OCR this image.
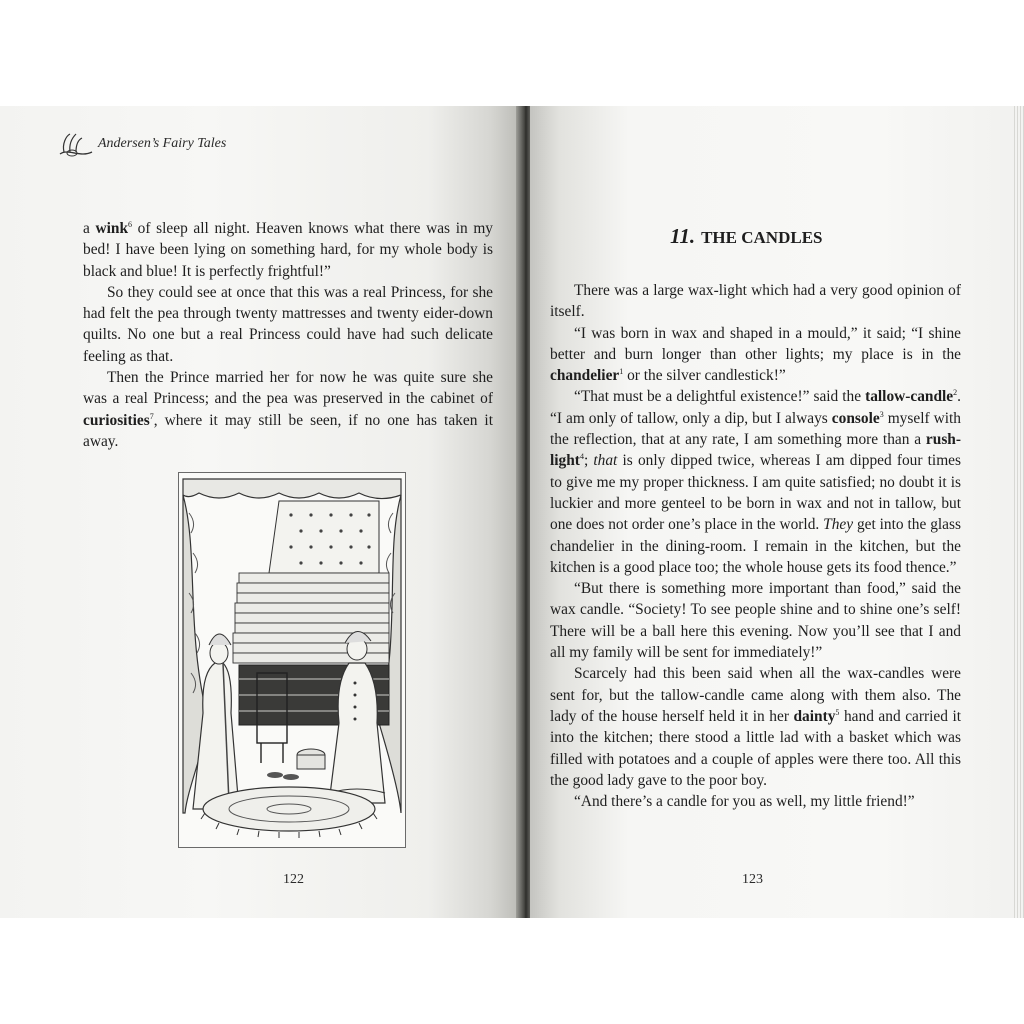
Andersen’s Fairy Tales

a wink$^6$ of sleep all night. Heaven knows what there was in my bed! I have been lying on something hard, for my whole body is black and blue! It is perfectly frightful!”

So they could see at once that this was a real Princess, for she had felt the pea through twenty mattresses and twenty eider-down quilts. No one but a real Princess could have had such delicate feeling as that.

Then the Prince married her for now he was quite sure she was a real Princess; and the pea was preserved in the cabinet of curiosities$^7$, where it may still be seen, if no one has taken it away.

122
11. THE CANDLES

There was a large wax-light which had a very good opinion of itself.

“I was born in wax and shaped in a mould,” it said; “I shine better and burn longer than other lights; my place is in the chandelier$^1$ or the silver candlestick!”

“That must be a delightful existence!” said the tallow-candle$^2$. “I am only of tallow, only a dip, but I always console$^3$ myself with the reflection, that at any rate, I am something more than a rush-light$^4$; that is only dipped twice, whereas I am dipped four times to give me my proper thickness. I am quite satisfied; no doubt it is luckier and more genteel to be born in wax and not in tallow, but one does not order one’s place in the world. They get into the glass chandelier in the dining-room. I remain in the kitchen, but the kitchen is a good place too; the whole house gets its food thence.”

“But there is something more important than food,” said the wax candle. “Society! To see people shine and to shine one’s self! There will be a ball here this evening. Now you’ll see that I and all my family will be sent for immediately!”

Scarcely had this been said when all the wax-candles were sent for, but the tallow-candle came along with them also. The lady of the house herself held it in her dainty$^5$ hand and carried it into the kitchen; there stood a little lad with a basket which was filled with potatoes and a couple of apples were there too. All this the good lady gave to the poor boy.

“And there’s a candle for you as well, my little friend!”

123
